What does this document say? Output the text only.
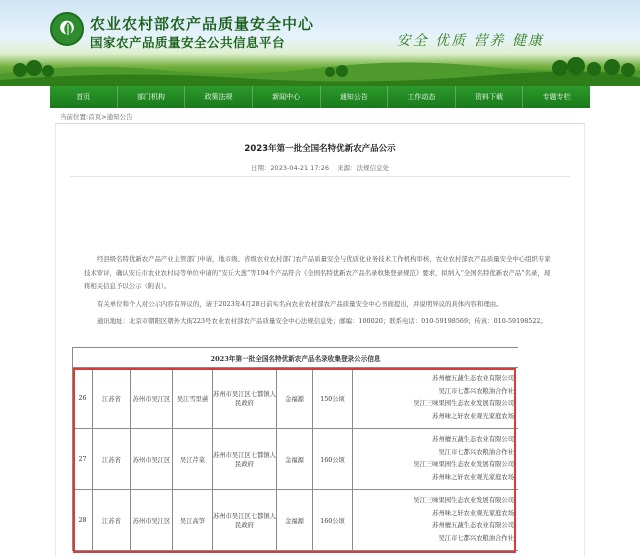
农业农村部农产品质量安全中心
国家农产品质量安全公共信息平台	安全 优质 营养 健康
首页	部门机构	政策法规	新闻中心	通知公告	工作动态	资料下载	专题专栏
当前位置:首页>通知公告
2023年第一批全国名特优新农产品公示
日期：2023-04-21 17:26 来源：法规信息处

经县级名特优新农产品产业主管部门申请，地市级、省级农业农村部门农产品质量安全与优质化业务技术工作机构审核，农业农村部农产品质量安全中心组织专家技术审评，确认安丘市农业农村局等单位申请的“安丘大葱”等194个产品符合《全国名特优新农产品名录收集登录规范》要求，拟纳入“全国名特优新农产品”名录，现将相关信息予以公示（附表）。

有关单位和个人对公示内容有异议的，请于2023年4月28日前实名向农业农村部农产品质量安全中心书面提出，并说明异议的具体内容和理由。

通讯地址：北京市朝阳区朝外大街223号农业农村部农产品质量安全中心法规信息处；邮编：100020；联系电话：010-59198569；传真：010-59198522。

2023年第一批全国名特优新农产品名录收集登录公示信息							
26	江苏省	苏州市吴江区	吴江雪里蕻	苏州市吴江区七都镇人民政府	金福源	150公顷	苏州檀五蔬生态农业有限公司
吴江市七都兴农粮油合作社
吴江三味果园生态农业发展有限公司
苏州味之轩农业观光家庭农场

27	江苏省	苏州市吴江区	吴江芹菜	苏州市吴江区七都镇人民政府	金福源	160公顷	苏州檀五蔬生态农业有限公司
吴江市七都兴农粮油合作社
吴江三味果园生态农业发展有限公司
苏州味之轩农业观光家庭农场

28	江苏省	苏州市吴江区	吴江高笋	苏州市吴江区七都镇人民政府	金福源	160公顷	吴江三味果园生态农业发展有限公司
苏州味之轩农业观光家庭农场
苏州檀五蔬生态农业有限公司
吴江市七都兴农粮油合作社
